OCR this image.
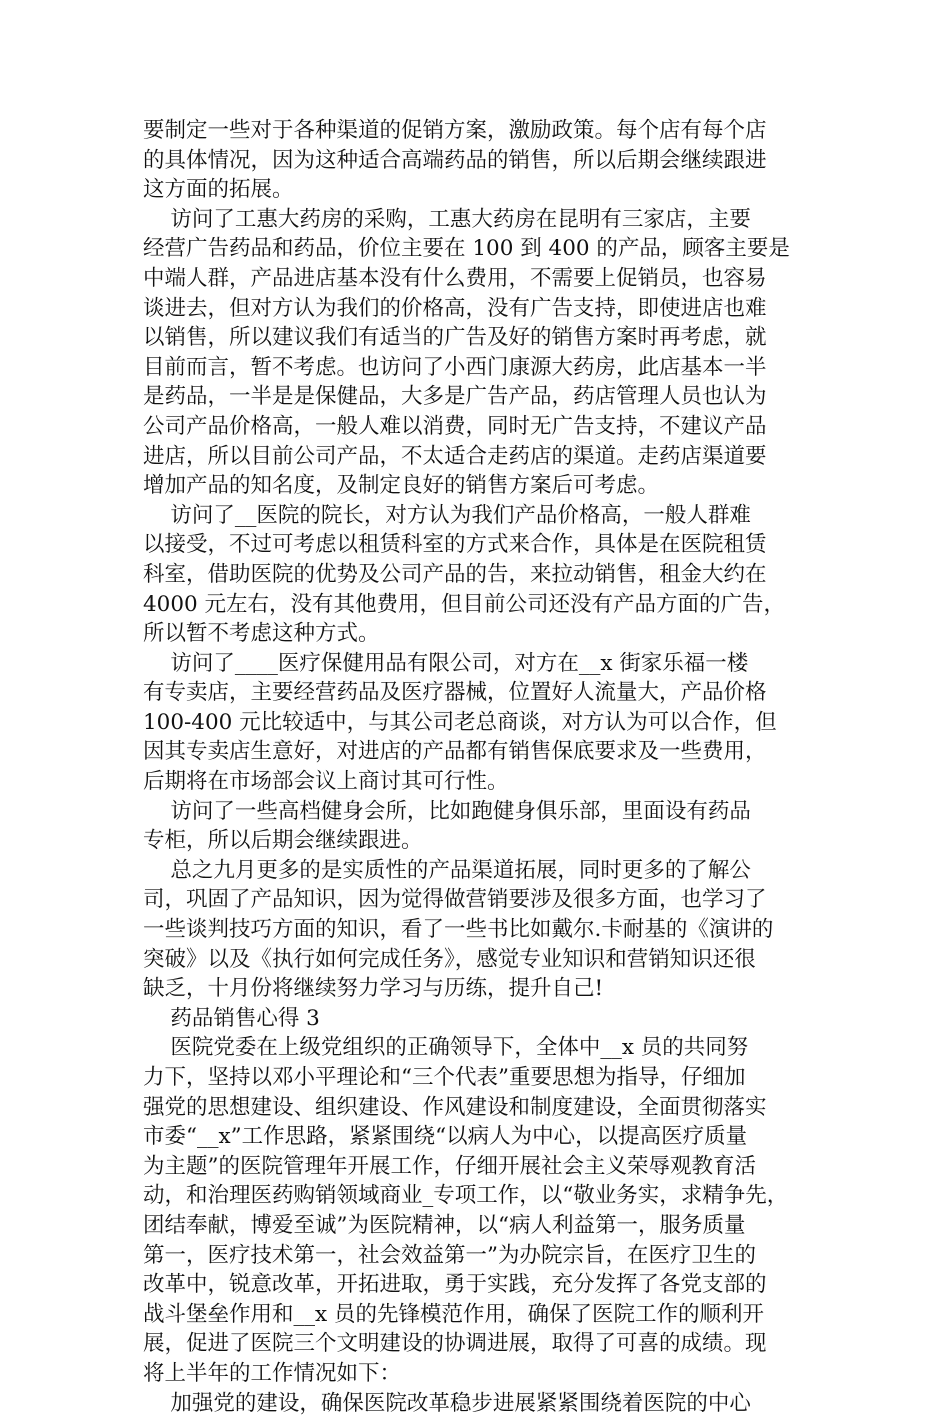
要制定一些对于各种渠道的促销方案，激励政策。每个店有每个店
的具体情况，因为这种适合高端药品的销售，所以后期会继续跟进
这方面的拓展。
访问了工惠大药房的采购，工惠大药房在昆明有三家店，主要
经营广告药品和药品，价位主要在 100 到 400 的产品，顾客主要是
中端人群，产品进店基本没有什么费用，不需要上促销员，也容易
谈进去，但对方认为我们的价格高，没有广告支持，即使进店也难
以销售，所以建议我们有适当的广告及好的销售方案时再考虑，就
目前而言，暂不考虑。也访问了小西门康源大药房，此店基本一半
是药品，一半是是保健品，大多是广告产品，药店管理人员也认为
公司产品价格高，一般人难以消费，同时无广告支持，不建议产品
进店，所以目前公司产品，不太适合走药店的渠道。走药店渠道要
增加产品的知名度，及制定良好的销售方案后可考虑。
访问了__医院的院长，对方认为我们产品价格高，一般人群难
以接受，不过可考虑以租赁科室的方式来合作，具体是在医院租赁
科室，借助医院的优势及公司产品的告，来拉动销售，租金大约在
4000 元左右，没有其他费用，但目前公司还没有产品方面的广告，
所以暂不考虑这种方式。
访问了____医疗保健用品有限公司，对方在__x 街家乐福一楼
有专卖店，主要经营药品及医疗器械，位置好人流量大，产品价格
100-400 元比较适中，与其公司老总商谈，对方认为可以合作，但
因其专卖店生意好，对进店的产品都有销售保底要求及一些费用，
后期将在市场部会议上商讨其可行性。
访问了一些高档健身会所，比如跑健身俱乐部，里面设有药品
专柜，所以后期会继续跟进。
总之九月更多的是实质性的产品渠道拓展，同时更多的了解公
司，巩固了产品知识，因为觉得做营销要涉及很多方面，也学习了
一些谈判技巧方面的知识，看了一些书比如戴尔.卡耐基的《演讲的
突破》以及《执行如何完成任务》，感觉专业知识和营销知识还很
缺乏，十月份将继续努力学习与历练，提升自己!
药品销售心得 3
医院党委在上级党组织的正确领导下，全体中__x 员的共同努
力下，坚持以邓小平理论和“三个代表”重要思想为指导，仔细加
强党的思想建设、组织建设、作风建设和制度建设，全面贯彻落实
市委“__x”工作思路，紧紧围绕“以病人为中心，以提高医疗质量
为主题”的医院管理年开展工作，仔细开展社会主义荣辱观教育活
动，和治理医药购销领域商业_专项工作，以“敬业务实，求精争先，
团结奉献，博爱至诚”为医院精神，以“病人利益第一，服务质量
第一，医疗技术第一，社会效益第一”为办院宗旨，在医疗卫生的
改革中，锐意改革，开拓进取，勇于实践，充分发挥了各党支部的
战斗堡垒作用和__x 员的先锋模范作用，确保了医院工作的顺利开
展，促进了医院三个文明建设的协调进展，取得了可喜的成绩。现
将上半年的工作情况如下：
加强党的建设，确保医院改革稳步进展紧紧围绕着医院的中心
